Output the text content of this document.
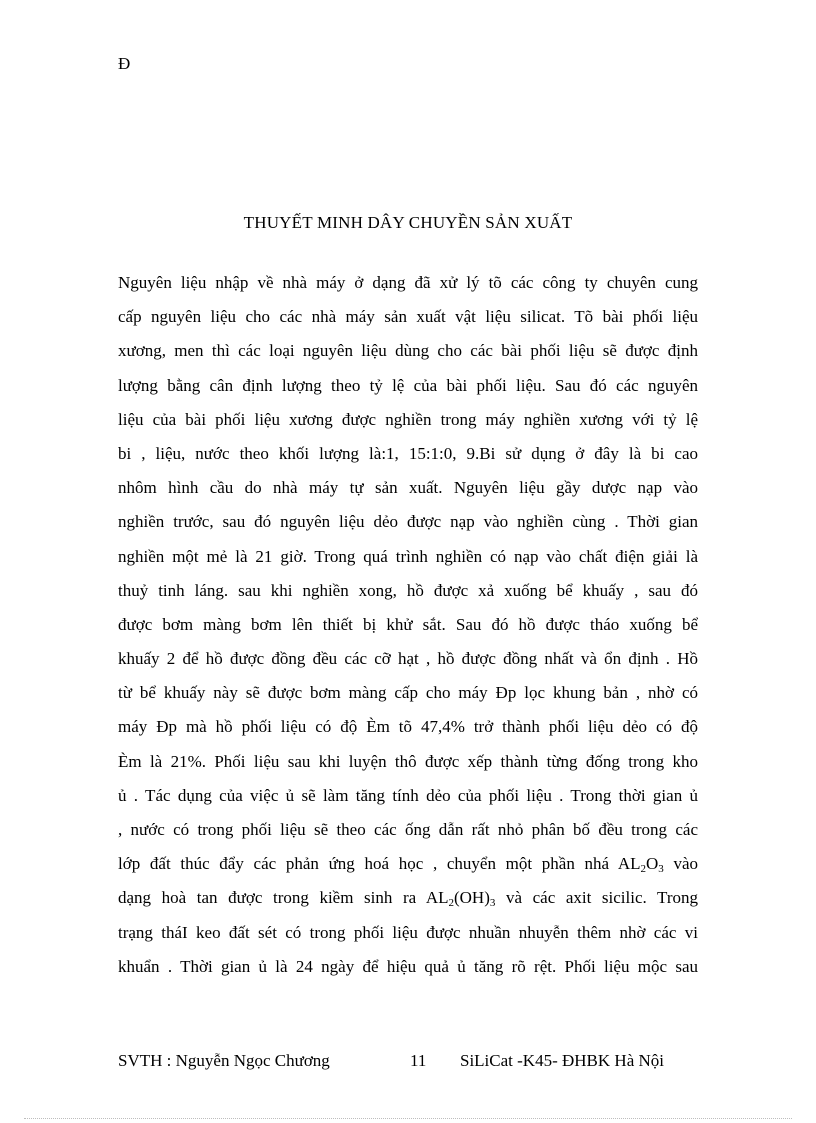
Đ
THUYẾT MINH DÂY CHUYỀN SẢN XUẤT
Nguyên liệu nhập về nhà máy ở dạng đã xử lý tõ các công ty chuyên cung
cấp nguyên liệu cho các nhà máy sản xuất vật liệu silicat. Tõ bài phối liệu
xương, men thì các loại nguyên liệu dùng cho các bài phối liệu sẽ được định
lượng bằng cân định lượng theo tỷ lệ của bài phối liệu. Sau đó các nguyên
liệu của bài phối liệu xương được nghiền trong máy nghiền xương với tỷ lệ
bi , liệu, nước theo khối lượng là:1, 15:1:0, 9.Bi sử dụng ở đây là bi cao
nhôm hình cầu do nhà máy tự sản xuất. Nguyên liệu gầy dược nạp vào
nghiền trước, sau đó nguyên liệu dẻo được nạp vào nghiền cùng . Thời gian
nghiền một mẻ là 21 giờ. Trong quá trình nghiền có nạp vào chất điện giải là
thuỷ tinh láng. sau khi nghiền xong, hồ được xả xuống bể khuấy , sau đó
được bơm màng bơm lên thiết bị khử sắt. Sau đó hồ được tháo xuống bể
khuấy 2 để hồ được đồng đều các cỡ hạt , hồ được đồng nhất và ổn định . Hồ
từ bể khuấy này sẽ được bơm màng cấp cho máy Đp lọc khung bản , nhờ có
máy Đp mà hồ phối liệu có độ Èm tõ 47,4% trở thành phối liệu dẻo có độ
Èm là 21%. Phối liệu sau khi luyện thô được xếp thành từng đống trong kho
ủ . Tác dụng của việc ủ sẽ làm tăng tính dẻo của phối liệu . Trong thời gian ủ
, nước có trong phối liệu sẽ theo các ống dẫn rất nhỏ phân bố đều trong các
lớp đất thúc đẩy các phản ứng hoá học , chuyển một phần nhá $AL_2O_3$ vào
dạng hoà tan được trong kiềm sinh ra $AL_2(OH)_3$ và các axit sicilic. Trong
trạng tháI keo đất sét có trong phối liệu được nhuần nhuyễn thêm nhờ các vi
khuẩn . Thời gian ủ là 24 ngày để hiệu quả ủ tăng rõ rệt. Phối liệu mộc sau
SVTH : Nguyễn Ngọc Chương	11 SiLiCat -K45- ĐHBK Hà Nội
